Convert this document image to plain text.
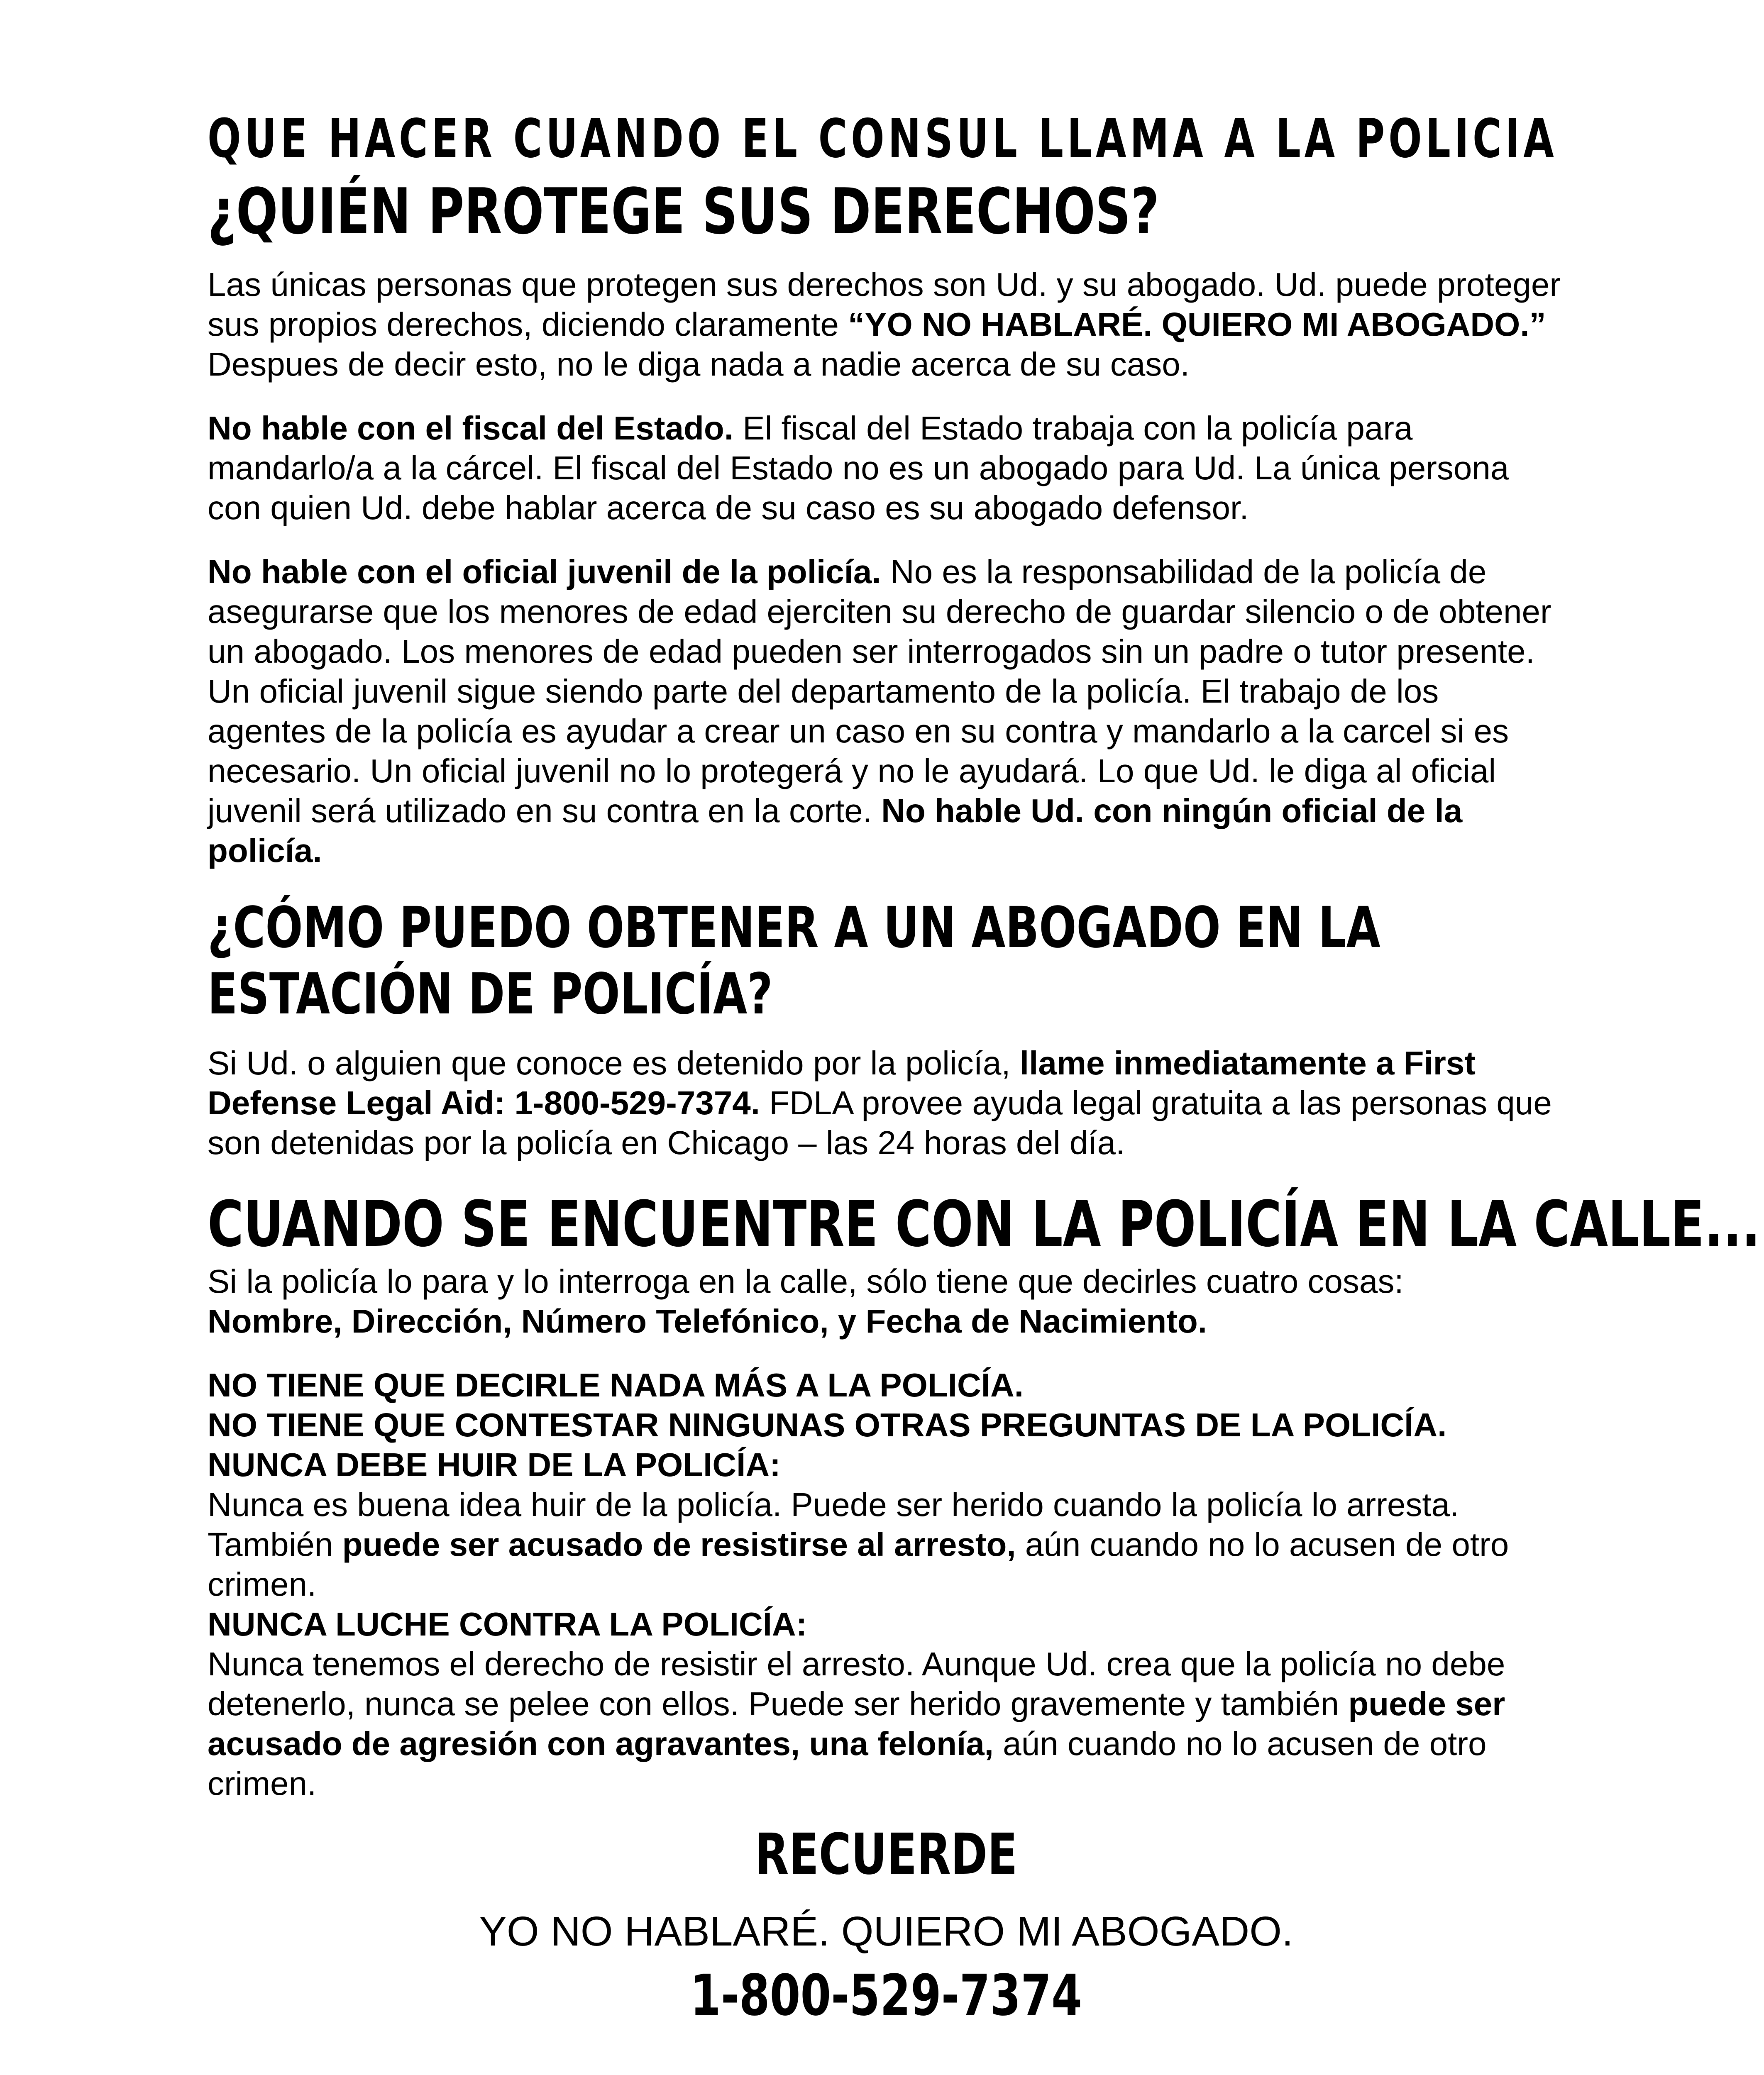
QUE HACER CUANDO EL CONSUL LLAMA A LA POLICIA
¿QUIÉN PROTEGE SUS DERECHOS?

Las únicas personas que protegen sus derechos son Ud. y su abogado. Ud. puede proteger sus propios derechos, diciendo claramente “YO NO HABLARÉ. QUIERO MI ABOGADO.” Despues de decir esto, no le diga nada a nadie acerca de su caso.

No hable con el fiscal del Estado. El fiscal del Estado trabaja con la policía para mandarlo/a a la cárcel. El fiscal del Estado no es un abogado para Ud. La única persona con quien Ud. debe hablar acerca de su caso es su abogado defensor.

No hable con el oficial juvenil de la policía. No es la responsabilidad de la policía de asegurarse que los menores de edad ejerciten su derecho de guardar silencio o de obtener un abogado. Los menores de edad pueden ser interrogados sin un padre o tutor presente. Un oficial juvenil sigue siendo parte del departamento de la policía. El trabajo de los agentes de la policía es ayudar a crear un caso en su contra y mandarlo a la carcel si es necesario. Un oficial juvenil no lo protegerá y no le ayudará. Lo que Ud. le diga al oficial juvenil será utilizado en su contra en la corte. No hable Ud. con ningún oficial de la policía.

¿CÓMO PUEDO OBTENER A UN ABOGADO EN LA ESTACIÓN DE POLICÍA?

Si Ud. o alguien que conoce es detenido por la policía, llame inmediatamente a First Defense Legal Aid: 1-800-529-7374. FDLA provee ayuda legal gratuita a las personas que son detenidas por la policía en Chicago – las 24 horas del día.

CUANDO SE ENCUENTRE CON LA POLICÍA EN LA CALLE...

Si la policía lo para y lo interroga en la calle, sólo tiene que decirles cuatro cosas:
Nombre, Dirección, Número Telefónico, y Fecha de Nacimiento.

NO TIENE QUE DECIRLE NADA MÁS A LA POLICÍA.

NO TIENE QUE CONTESTAR NINGUNAS OTRAS PREGUNTAS DE LA POLICÍA.

NUNCA DEBE HUIR DE LA POLICÍA:

Nunca es buena idea huir de la policía. Puede ser herido cuando la policía lo arresta. También puede ser acusado de resistirse al arresto, aún cuando no lo acusen de otro crimen.

NUNCA LUCHE CONTRA LA POLICÍA:

Nunca tenemos el derecho de resistir el arresto. Aunque Ud. crea que la policía no debe detenerlo, nunca se pelee con ellos. Puede ser herido gravemente y también puede ser acusado de agresión con agravantes, una felonía, aún cuando no lo acusen de otro crimen.

RECUERDE
YO NO HABLARÉ. QUIERO MI ABOGADO.
1-800-529-7374
